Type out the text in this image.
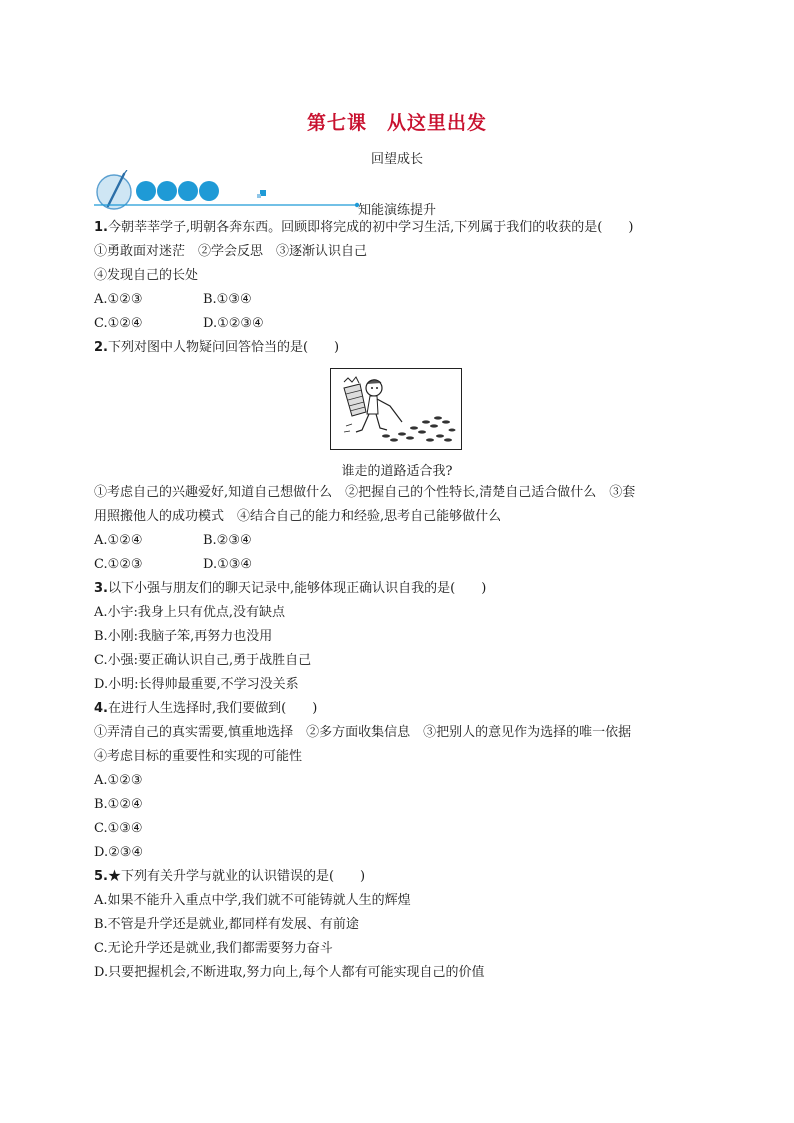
第七课　从这里出发
回望成长
知能演练提升
1.今朝莘莘学子,明朝各奔东西。回顾即将完成的初中学习生活,下列属于我们的收获的是(　　)
①勇敢面对迷茫　②学会反思　③逐渐认识自己
④发现自己的长处
A.①②③	B.①③④
C.①②④	D.①②③④
2.下列对图中人物疑问回答恰当的是(　　)
谁走的道路适合我?
①考虑自己的兴趣爱好,知道自己想做什么　②把握自己的个性特长,清楚自己适合做什么　③套
用照搬他人的成功模式　④结合自己的能力和经验,思考自己能够做什么
A.①②④	B.②③④
C.①②③	D.①③④
3.以下小强与朋友们的聊天记录中,能够体现正确认识自我的是(　　)
A.小宇:我身上只有优点,没有缺点
B.小刚:我脑子笨,再努力也没用
C.小强:要正确认识自己,勇于战胜自己
D.小明:长得帅最重要,不学习没关系
4.在进行人生选择时,我们要做到(　　)
①弄清自己的真实需要,慎重地选择　②多方面收集信息　③把别人的意见作为选择的唯一依据
④考虑目标的重要性和实现的可能性
A.①②③
B.①②④
C.①③④
D.②③④
5.★下列有关升学与就业的认识错误的是(　　)
A.如果不能升入重点中学,我们就不可能铸就人生的辉煌
B.不管是升学还是就业,都同样有发展、有前途
C.无论升学还是就业,我们都需要努力奋斗
D.只要把握机会,不断进取,努力向上,每个人都有可能实现自己的价值
